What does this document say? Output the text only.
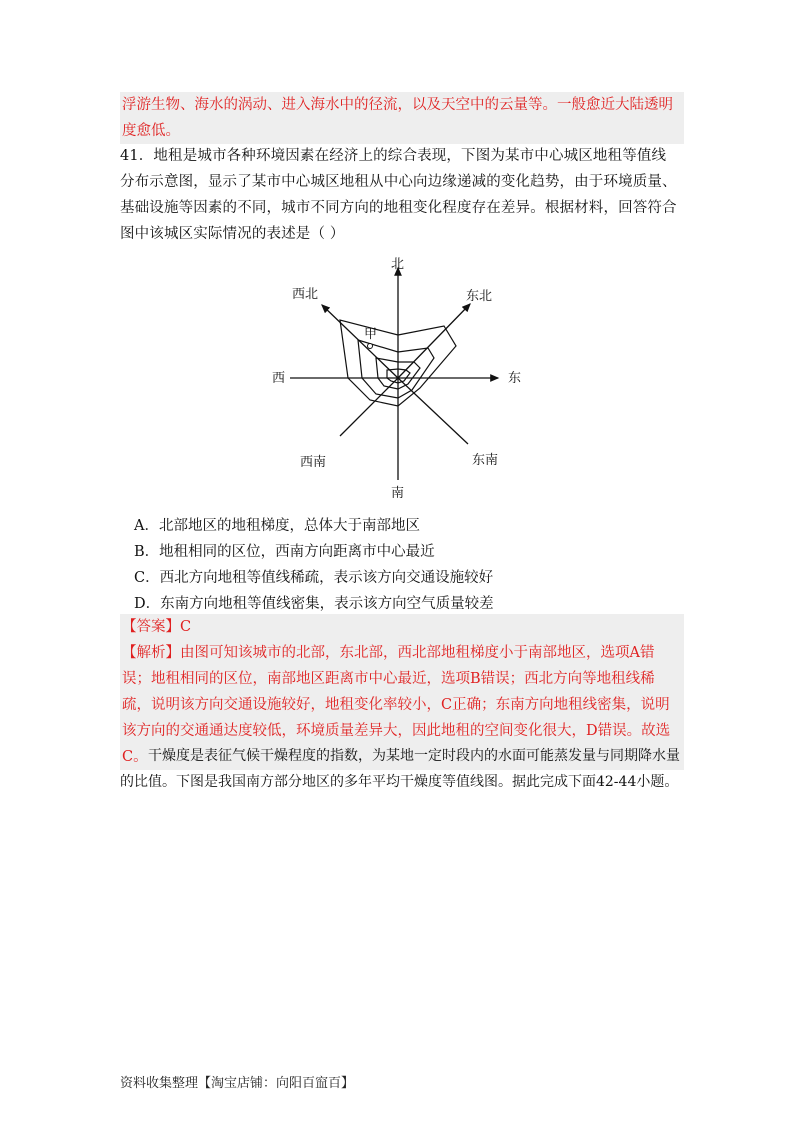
浮游生物、海水的涡动、进入海水中的径流，以及天空中的云量等。一般愈近大陆透明度愈低。
41．地租是城市各种环境因素在经济上的综合表现，下图为某市中心城区地租等值线分布示意图，显示了某市中心城区地租从中心向边缘递减的变化趋势，由于环境质量、基础设施等因素的不同，城市不同方向的地租变化程度存在差异。根据材料，回答符合图中该城区实际情况的表述是（ ）
甲
北
南
东
西
东北
西北
东南
西南
A．北部地区的地租梯度，总体大于南部地区
B．地租相同的区位，西南方向距离市中心最近
C．西北方向地租等值线稀疏，表示该方向交通设施较好
D．东南方向地租等值线密集，表示该方向空气质量较差
【答案】C
【解析】由图可知该城市的北部，东北部，西北部地租梯度小于南部地区，选项A错误；地租相同的区位，南部地区距离市中心最近，选项B错误；西北方向等地租线稀疏，说明该方向交通设施较好，地租变化率较小，C正确；东南方向地租线密集，说明该方向的交通通达度较低，环境质量差异大，因此地租的空间变化很大，D错误。故选C。 干燥度是表征气候干燥程度的指数，为某地一定时段内的水面可能蒸发量与同期降水量的比值。下图是我国南方部分地区的多年平均干燥度等值线图。据此完成下面42-44小题。
资料收集整理【淘宝店铺：向阳百䆝百】
